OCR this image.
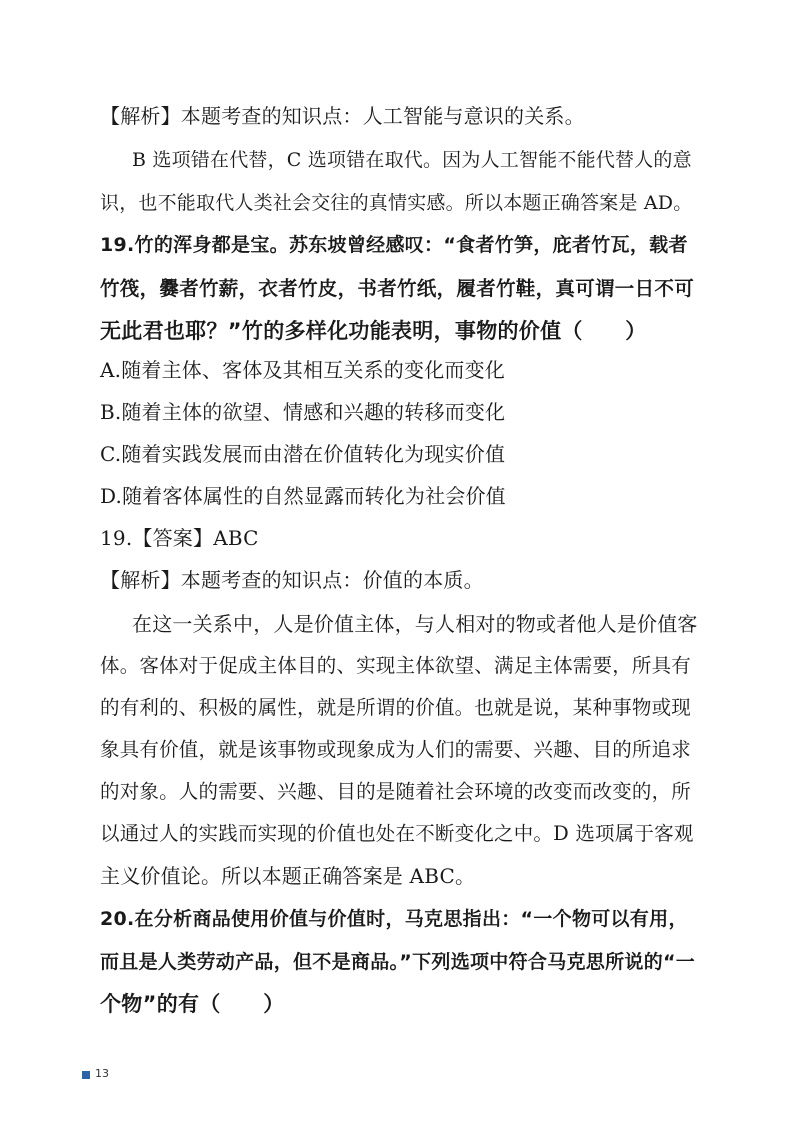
【解析】本题考查的知识点：人工智能与意识的关系。
B 选项错在代替，C 选项错在取代。因为人工智能不能代替人的意
识，也不能取代人类社会交往的真情实感。所以本题正确答案是 AD。
19.竹的浑身都是宝。苏东坡曾经感叹：“食者竹笋，庇者竹瓦，载者
竹筏，爨者竹薪，衣者竹皮，书者竹纸，履者竹鞋，真可谓一日不可
无此君也耶？”竹的多样化功能表明，事物的价值（　　）
A.随着主体、客体及其相互关系的变化而变化
B.随着主体的欲望、情感和兴趣的转移而变化
C.随着实践发展而由潜在价值转化为现实价值
D.随着客体属性的自然显露而转化为社会价值
19.【答案】ABC
【解析】本题考查的知识点：价值的本质。
在这一关系中，人是价值主体，与人相对的物或者他人是价值客
体。客体对于促成主体目的、实现主体欲望、满足主体需要，所具有
的有利的、积极的属性，就是所谓的价值。也就是说，某种事物或现
象具有价值，就是该事物或现象成为人们的需要、兴趣、目的所追求
的对象。人的需要、兴趣、目的是随着社会环境的改变而改变的，所
以通过人的实践而实现的价值也处在不断变化之中。D 选项属于客观
主义价值论。所以本题正确答案是 ABC。
20.在分析商品使用价值与价值时，马克思指出：“一个物可以有用，
而且是人类劳动产品，但不是商品。”下列选项中符合马克思所说的“一
个物”的有（　　）
13
